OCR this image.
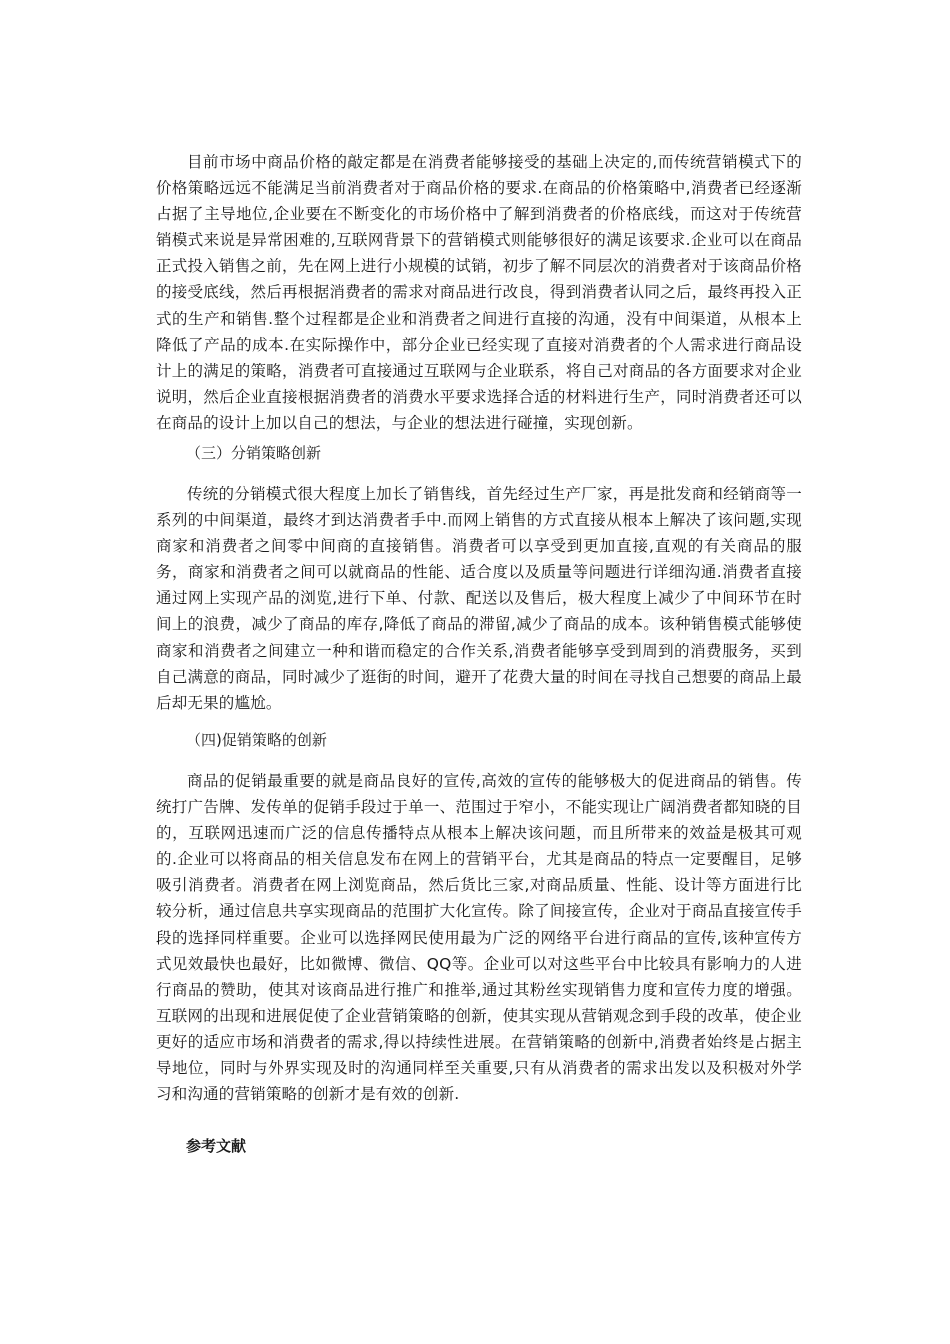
目前市场中商品价格的敲定都是在消费者能够接受的基础上决定的,而传统营销模式下的价格策略远远不能满足当前消费者对于商品价格的要求.在商品的价格策略中,消费者已经逐渐占据了主导地位,企业要在不断变化的市场价格中了解到消费者的价格底线，而这对于传统营销模式来说是异常困难的,互联网背景下的营销模式则能够很好的满足该要求.企业可以在商品正式投入销售之前，先在网上进行小规模的试销，初步了解不同层次的消费者对于该商品价格的接受底线，然后再根据消费者的需求对商品进行改良，得到消费者认同之后，最终再投入正式的生产和销售.整个过程都是企业和消费者之间进行直接的沟通，没有中间渠道，从根本上降低了产品的成本.在实际操作中，部分企业已经实现了直接对消费者的个人需求进行商品设计上的满足的策略，消费者可直接通过互联网与企业联系，将自己对商品的各方面要求对企业说明，然后企业直接根据消费者的消费水平要求选择合适的材料进行生产，同时消费者还可以在商品的设计上加以自己的想法，与企业的想法进行碰撞，实现创新。

（三）分销策略创新

传统的分销模式很大程度上加长了销售线，首先经过生产厂家，再是批发商和经销商等一系列的中间渠道，最终才到达消费者手中.而网上销售的方式直接从根本上解决了该问题,实现商家和消费者之间零中间商的直接销售。消费者可以享受到更加直接,直观的有关商品的服务，商家和消费者之间可以就商品的性能、适合度以及质量等问题进行详细沟通.消费者直接通过网上实现产品的浏览,进行下单、付款、配送以及售后，极大程度上减少了中间环节在时间上的浪费，减少了商品的库存,降低了商品的滞留,减少了商品的成本。该种销售模式能够使商家和消费者之间建立一种和谐而稳定的合作关系,消费者能够享受到周到的消费服务，买到自己满意的商品，同时减少了逛街的时间，避开了花费大量的时间在寻找自己想要的商品上最后却无果的尴尬。

（四)促销策略的创新

商品的促销最重要的就是商品良好的宣传,高效的宣传的能够极大的促进商品的销售。传统打广告牌、发传单的促销手段过于单一、范围过于窄小，不能实现让广阔消费者都知晓的目的，互联网迅速而广泛的信息传播特点从根本上解决该问题，而且所带来的效益是极其可观的.企业可以将商品的相关信息发布在网上的营销平台，尤其是商品的特点一定要醒目，足够吸引消费者。消费者在网上浏览商品，然后货比三家,对商品质量、性能、设计等方面进行比较分析，通过信息共享实现商品的范围扩大化宣传。除了间接宣传，企业对于商品直接宣传手段的选择同样重要。企业可以选择网民使用最为广泛的网络平台进行商品的宣传,该种宣传方式见效最快也最好，比如微博、微信、QQ等。企业可以对这些平台中比较具有影响力的人进行商品的赞助，使其对该商品进行推广和推举,通过其粉丝实现销售力度和宣传力度的增强。互联网的出现和进展促使了企业营销策略的创新，使其实现从营销观念到手段的改革，使企业更好的适应市场和消费者的需求,得以持续性进展。在营销策略的创新中,消费者始终是占据主导地位，同时与外界实现及时的沟通同样至关重要,只有从消费者的需求出发以及积极对外学习和沟通的营销策略的创新才是有效的创新.

参考文献
